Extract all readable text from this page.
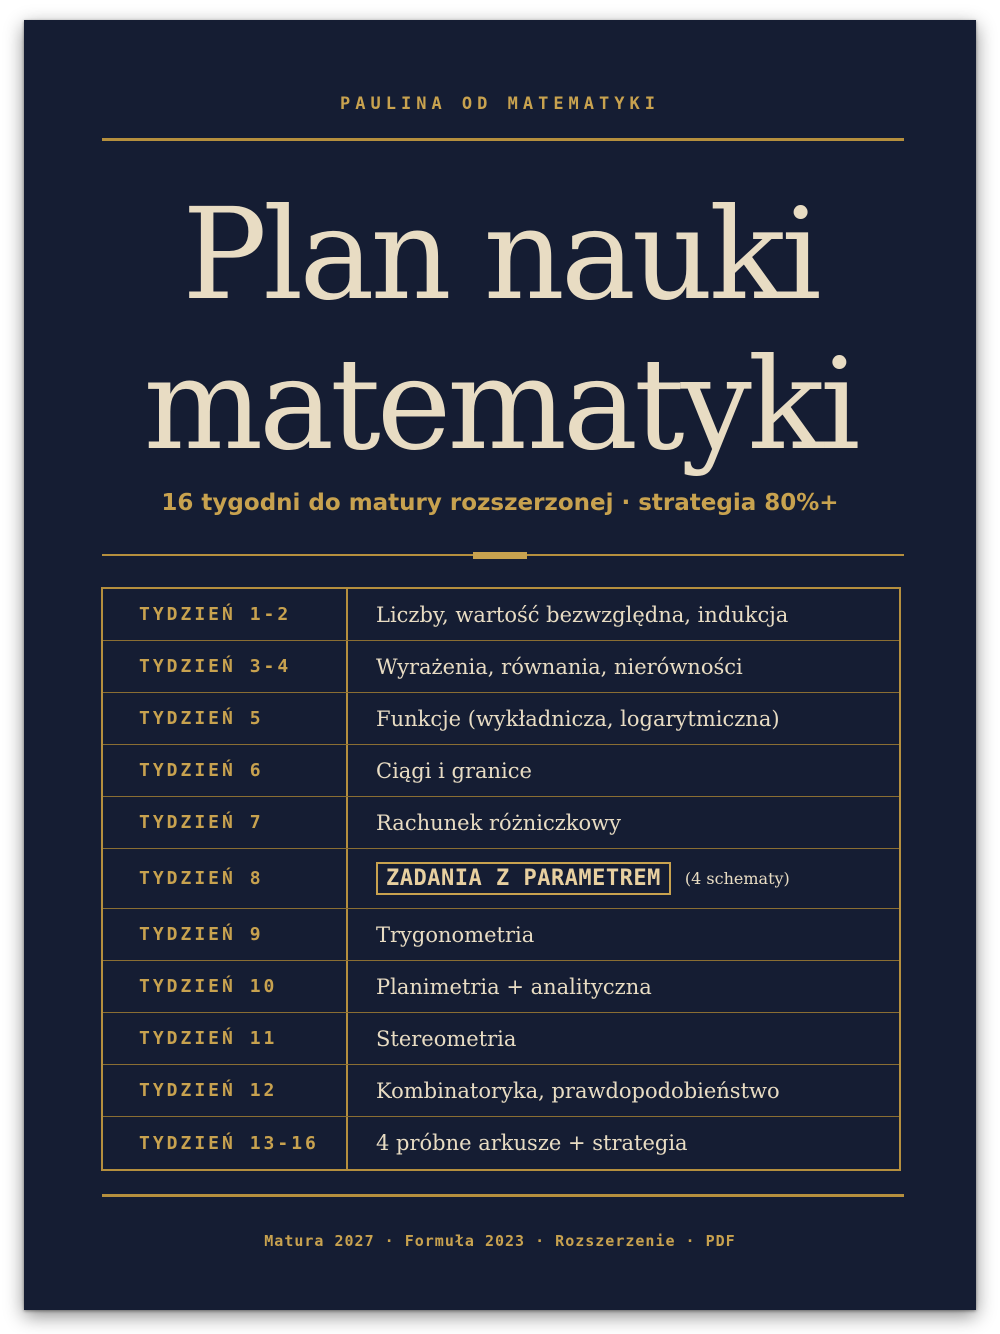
PAULINA OD MATEMATYKI
Plan nauki
matematyki
16 tygodni do matury rozszerzonej · strategia 80%+
TYDZIEŃ 1-2	Liczby, wartość bezwzględna, indukcja
TYDZIEŃ 3-4	Wyrażenia, równania, nierówności
TYDZIEŃ 5	Funkcje (wykładnicza, logarytmiczna)
TYDZIEŃ 6	Ciągi i granice
TYDZIEŃ 7	Rachunek różniczkowy
TYDZIEŃ 8	ZADANIA Z PARAMETREM	(4 schematy)
TYDZIEŃ 9	Trygonometria
TYDZIEŃ 10	Planimetria + analityczna
TYDZIEŃ 11	Stereometria
TYDZIEŃ 12	Kombinatoryka, prawdopodobieństwo
TYDZIEŃ 13-16	4 próbne arkusze + strategia
Matura 2027 · Formuła 2023 · Rozszerzenie · PDF
